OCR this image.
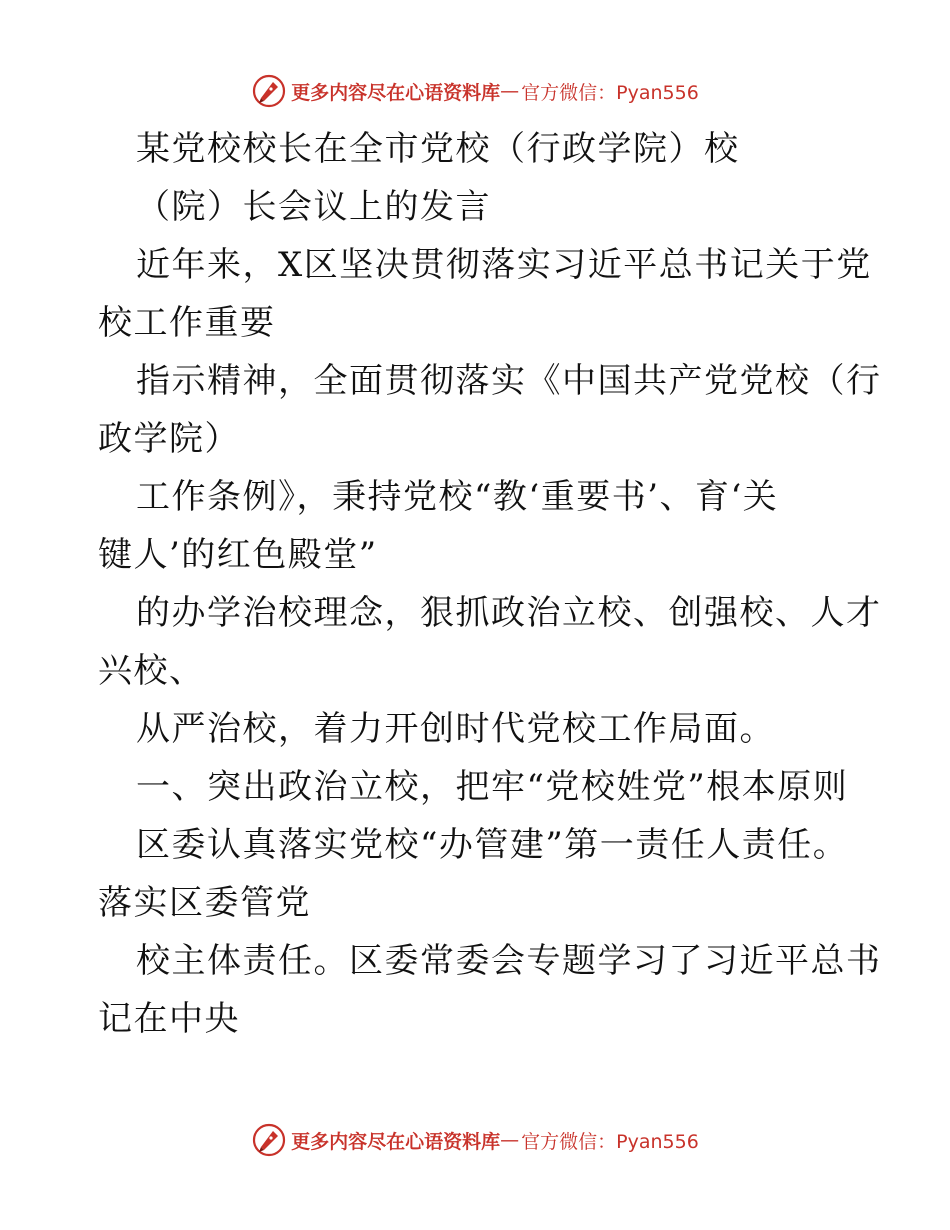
更多内容尽在心语资料库 — 官方微信：Pyan556
某党校校长在全市党校（行政学院）校
（院）长会议上的发言
近年来，X区坚决贯彻落实习近平总书记关于党
校工作重要
指示精神，全面贯彻落实《中国共产党党校（行
政学院）
工作条例》，秉持党校“教‘重要书’、育‘关
键人’的红色殿堂”
的办学治校理念，狠抓政治立校、创强校、人才
兴校、
从严治校，着力开创时代党校工作局面。
一、突出政治立校，把牢“党校姓党”根本原则
区委认真落实党校“办管建”第一责任人责任。
落实区委管党
校主体责任。区委常委会专题学习了习近平总书
记在中央
更多内容尽在心语资料库 — 官方微信：Pyan556
